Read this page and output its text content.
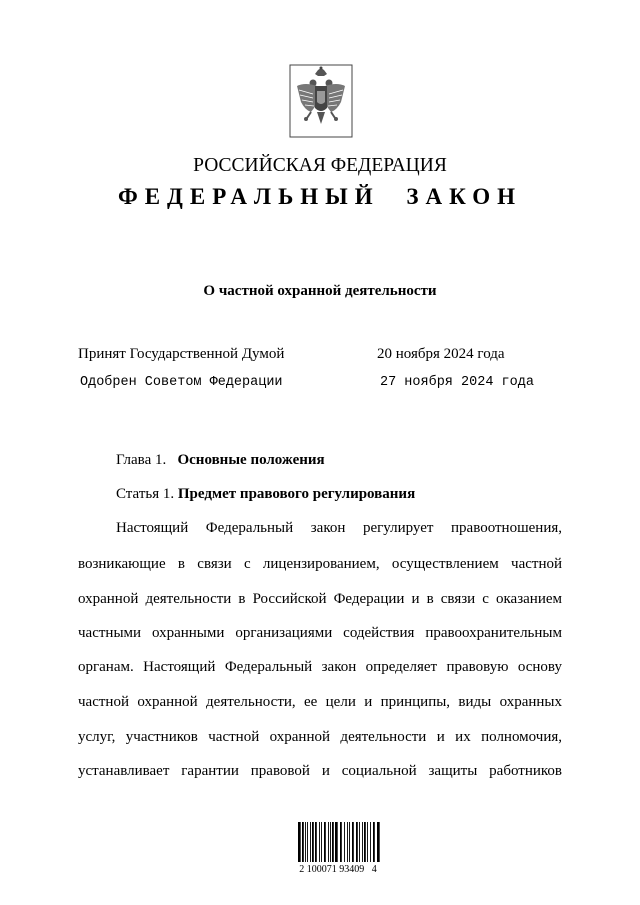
РОССИЙСКАЯ ФЕДЕРАЦИЯ
ФЕДЕРАЛЬНЫЙ ЗАКОН
О частной охранной деятельности
Принят Государственной Думой	20 ноября 2024 года
Одобрен Советом Федерации	27 ноября 2024 года
Глава 1. Основные положения
Статья 1. Предмет правового регулирования
Настоящий Федеральный закон регулирует правоотношения,
возникающие в связи с лицензированием, осуществлением частной
охранной деятельности в Российской Федерации и в связи с оказанием
частными охранными организациями содействия правоохранительным
органам. Настоящий Федеральный закон определяет правовую основу
частной охранной деятельности, ее цели и принципы, виды охранных
услуг, участников частной охранной деятельности и их полномочия,
устанавливает гарантии правовой и социальной защиты работников
2 100071 93409   4
